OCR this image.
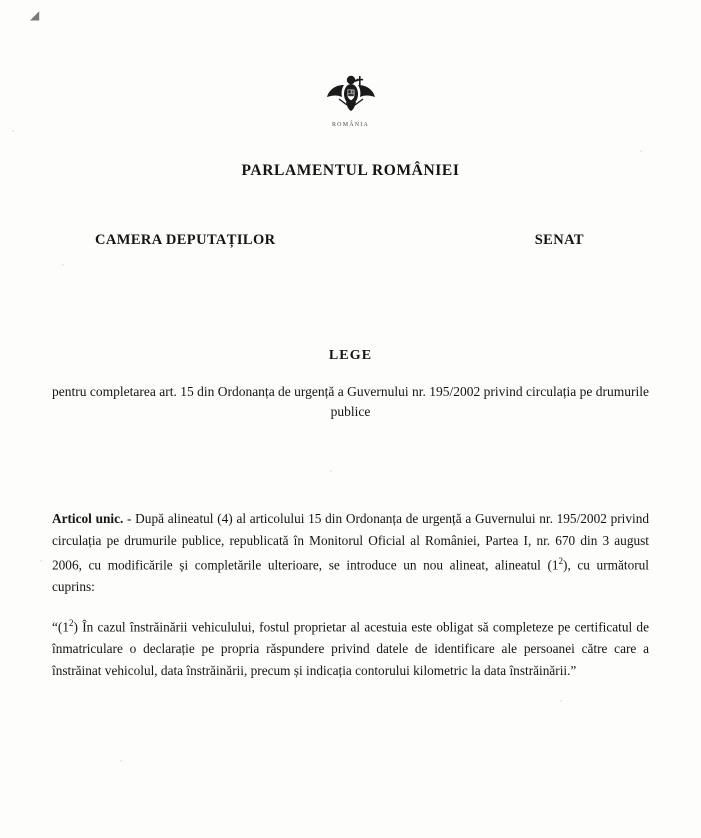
◢
ROMÂNIA
PARLAMENTUL ROMÂNIEI
CAMERA DEPUTAȚILOR	SENAT
LEGE
pentru completarea art. 15 din Ordonanța de urgență a Guvernului nr. 195/2002 privind circulația pe drumurile publice

Articol unic. - După alineatul (4) al articolului 15 din Ordonanța de urgență a Guvernului nr. 195/2002 privind circulația pe drumurile publice, republicată în Monitorul Oficial al României, Partea I, nr. 670 din 3 august 2006, cu modificările și completările ulterioare, se introduce un nou alineat, alineatul $(1^2)$, cu următorul cuprins:

“$(1^2)$ În cazul înstrăinării vehiculului, fostul proprietar al acestuia este obligat să completeze pe certificatul de înmatriculare o declarație pe propria răspundere privind datele de identificare ale persoanei către care a înstrăinat vehicolul, data înstrăinării, precum și indicația contorului kilometric la data înstrăinării.”
